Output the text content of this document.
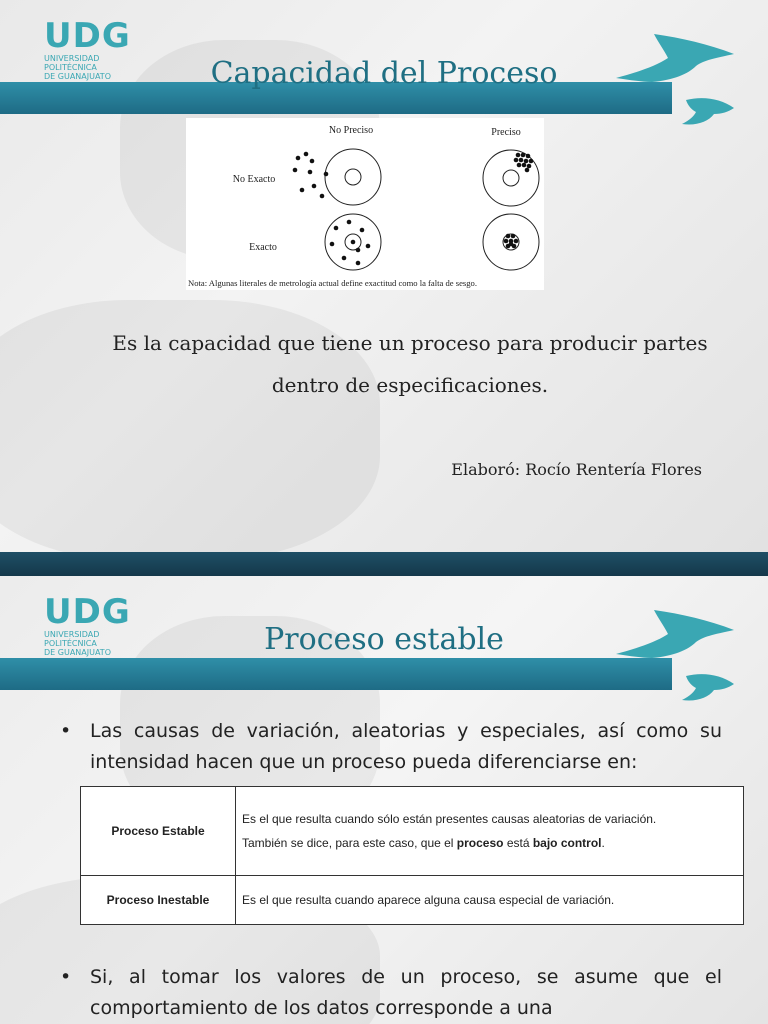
Capacidad del Proceso
UDG
UNIVERSIDAD POLITÉCNICA
DE GUANAJUATO
No Preciso	Preciso
No Exacto
Exacto
Nota: Algunas literales de metrología actual define exactitud como la falta de sesgo.
Es la capacidad que tiene un proceso para producir partes dentro de especificaciones.
Elaboró: Rocío Rentería Flores
Proceso estable
UDG
UNIVERSIDAD POLITÉCNICA
DE GUANAJUATO
• Las causas de variación, aleatorias y especiales, así como su intensidad hacen que un proceso pueda diferenciarse en:
Proceso Estable	Es el que resulta cuando sólo están presentes causas aleatorias de variación.

También se dice, para este caso, que el proceso está bajo control.

Proceso Inestable	Es el que resulta cuando aparece alguna causa especial de variación.
• Si, al tomar los valores de un proceso, se asume que el comportamiento de los datos corresponde a una
